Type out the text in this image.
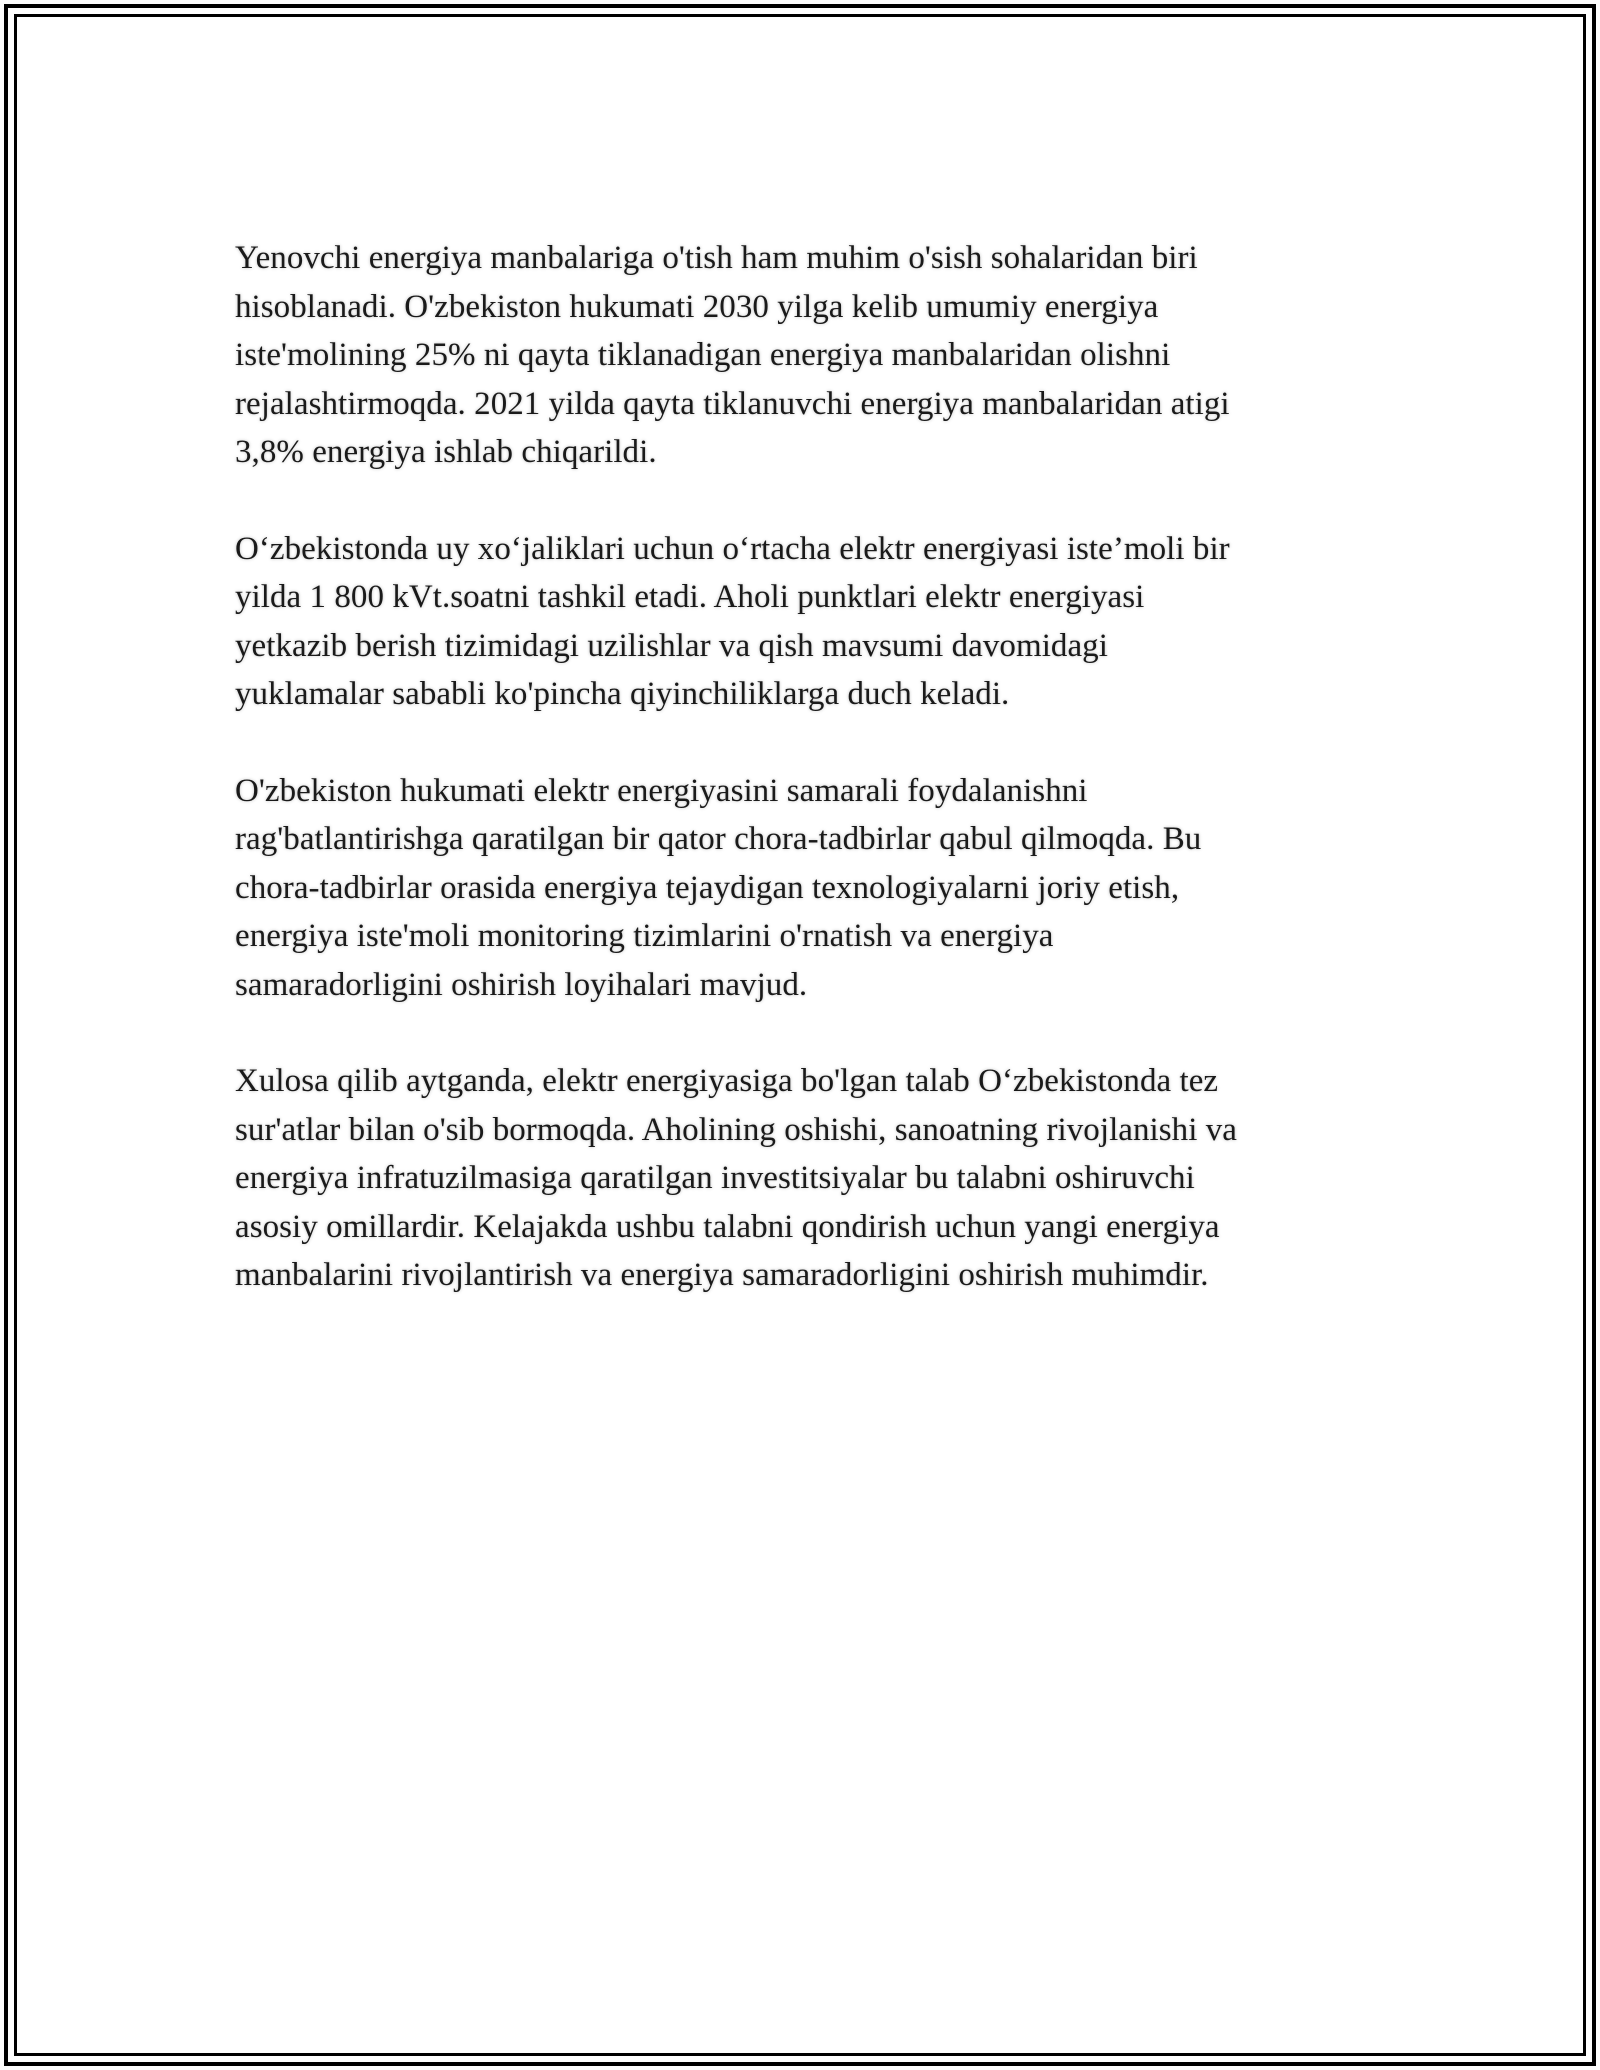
Yenovchi energiya manbalariga o'tish ham muhim o'sish sohalaridan biri
hisoblanadi. O'zbekiston hukumati 2030 yilga kelib umumiy energiya
iste'molining 25% ni qayta tiklanadigan energiya manbalaridan olishni
rejalashtirmoqda. 2021 yilda qayta tiklanuvchi energiya manbalaridan atigi
3,8% energiya ishlab chiqarildi.

O‘zbekistonda uy xo‘jaliklari uchun o‘rtacha elektr energiyasi iste’moli bir
yilda 1 800 kVt.soatni tashkil etadi. Aholi punktlari elektr energiyasi
yetkazib berish tizimidagi uzilishlar va qish mavsumi davomidagi
yuklamalar sababli ko'pincha qiyinchiliklarga duch keladi.

O'zbekiston hukumati elektr energiyasini samarali foydalanishni
rag'batlantirishga qaratilgan bir qator chora-tadbirlar qabul qilmoqda. Bu
chora-tadbirlar orasida energiya tejaydigan texnologiyalarni joriy etish,
energiya iste'moli monitoring tizimlarini o'rnatish va energiya
samaradorligini oshirish loyihalari mavjud.

Xulosa qilib aytganda, elektr energiyasiga bo'lgan talab O‘zbekistonda tez
sur'atlar bilan o'sib bormoqda. Aholining oshishi, sanoatning rivojlanishi va
energiya infratuzilmasiga qaratilgan investitsiyalar bu talabni oshiruvchi
asosiy omillardir. Kelajakda ushbu talabni qondirish uchun yangi energiya
manbalarini rivojlantirish va energiya samaradorligini oshirish muhimdir.
